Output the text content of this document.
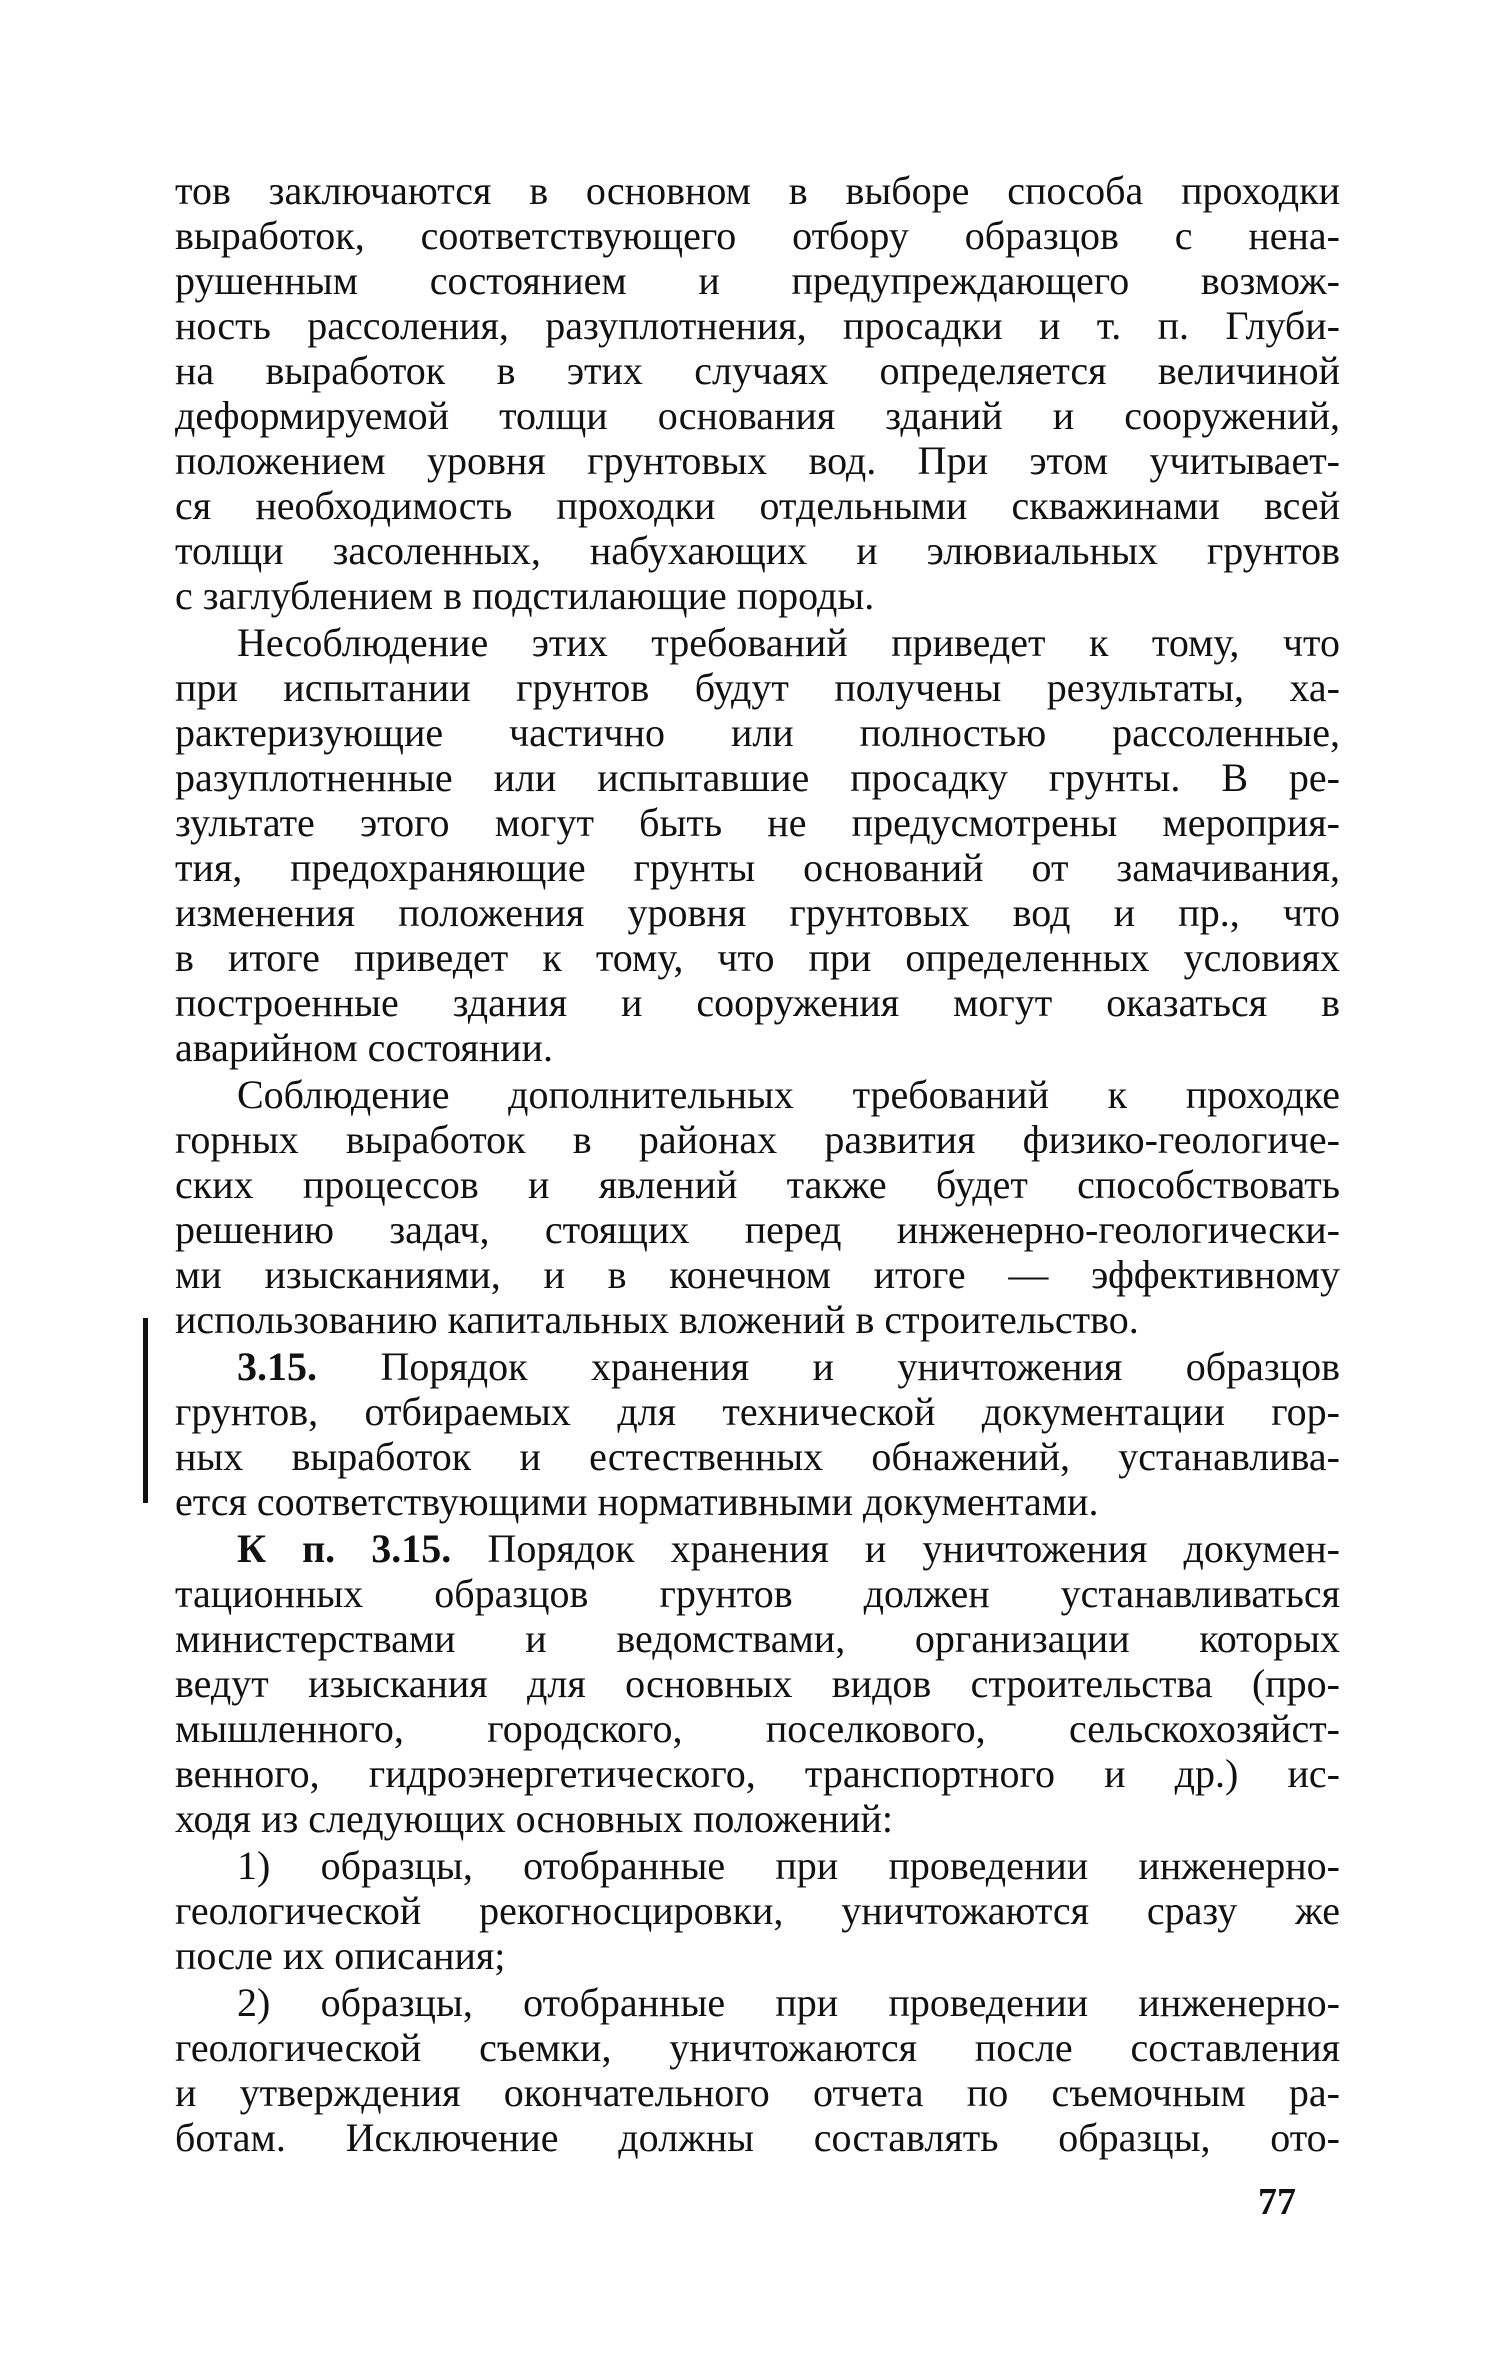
тов заключаются в основном в выборе способа проходки
выработок, соответствующего отбору образцов с нена-
рушенным состоянием и предупреждающего возмож-
ность рассоления, разуплотнения, просадки и т. п. Глуби-
на выработок в этих случаях определяется величиной
деформируемой толщи основания зданий и сооружений,
положением уровня грунтовых вод. При этом учитывает-
ся необходимость проходки отдельными скважинами всей
толщи засоленных, набухающих и элювиальных грунтов
с заглублением в подстилающие породы.
Несоблюдение этих требований приведет к тому, что
при испытании грунтов будут получены результаты, ха-
рактеризующие частично или полностью рассоленные,
разуплотненные или испытавшие просадку грунты. В ре-
зультате этого могут быть не предусмотрены мероприя-
тия, предохраняющие грунты оснований от замачивания,
изменения положения уровня грунтовых вод и пр., что
в итоге приведет к тому, что при определенных условиях
построенные здания и сооружения могут оказаться в
аварийном состоянии.
Соблюдение дополнительных требований к проходке
горных выработок в районах развития физико-геологиче-
ских процессов и явлений также будет способствовать
решению задач, стоящих перед инженерно-геологически-
ми изысканиями, и в конечном итоге — эффективному
использованию капитальных вложений в строительство.
3.15. Порядок хранения и уничтожения образцов
грунтов, отбираемых для технической документации гор-
ных выработок и естественных обнажений, устанавлива-
ется соответствующими нормативными документами.
К п. 3.15. Порядок хранения и уничтожения докумен-
тационных образцов грунтов должен устанавливаться
министерствами и ведомствами, организации которых
ведут изыскания для основных видов строительства (про-
мышленного, городского, поселкового, сельскохозяйст-
венного, гидроэнергетического, транспортного и др.) ис-
ходя из следующих основных положений:
1) образцы, отобранные при проведении инженерно-
геологической рекогносцировки, уничтожаются сразу же
после их описания;
2) образцы, отобранные при проведении инженерно-
геологической съемки, уничтожаются после составления
и утверждения окончательного отчета по съемочным ра-
ботам. Исключение должны составлять образцы, ото-
77
